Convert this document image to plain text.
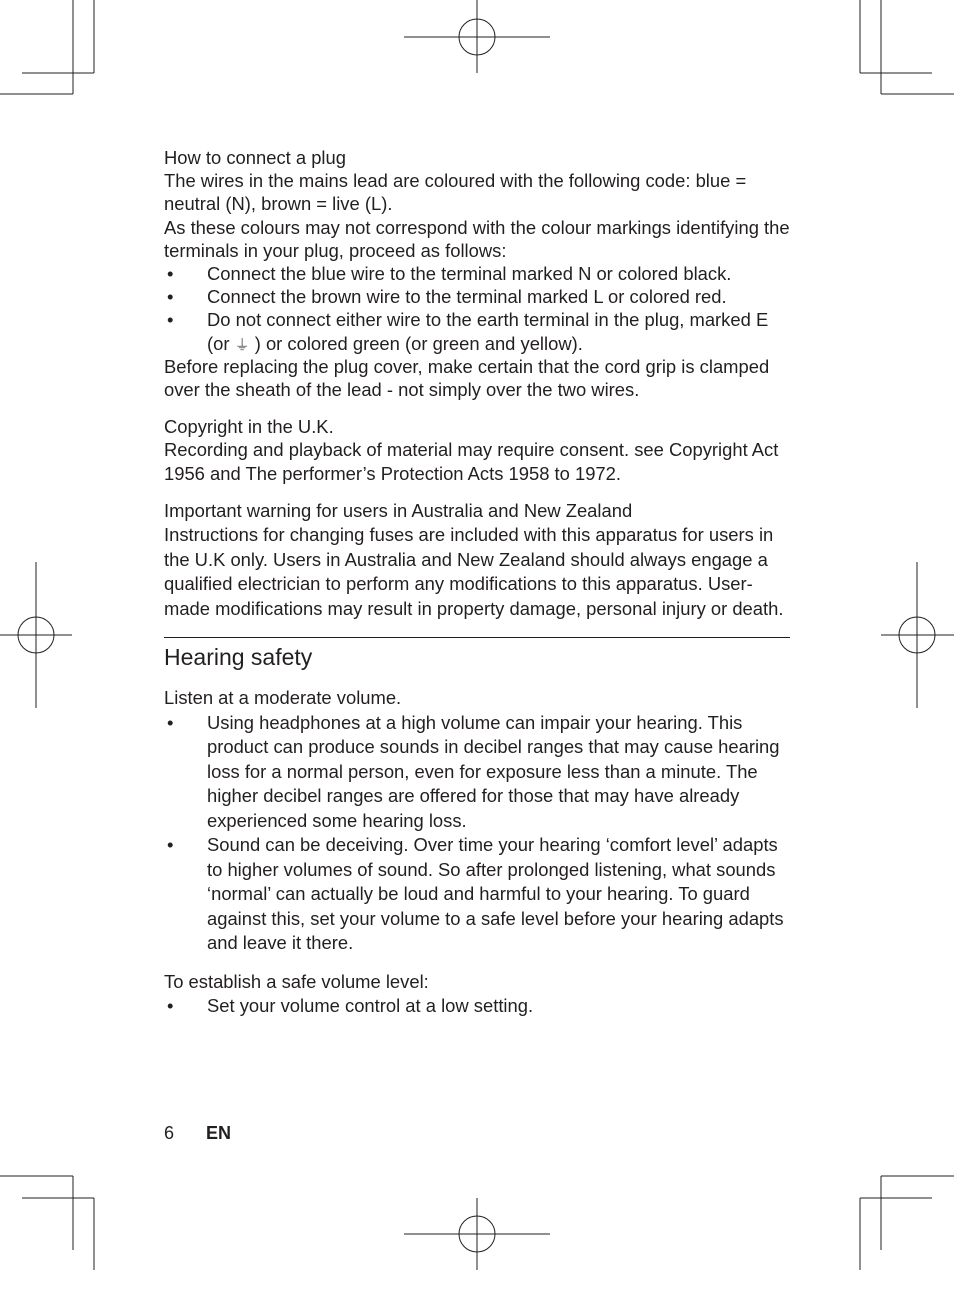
How to connect a plug

The wires in the mains lead are coloured with the following code: blue = neutral (N), brown = live (L).

As these colours may not correspond with the colour markings identifying the terminals in your plug, proceed as follows:

• Connect the blue wire to the terminal marked N or colored black.
• Connect the brown wire to the terminal marked L or colored red.
• Do not connect either wire to the earth terminal in the plug, marked E (or ⏚ ) or colored green (or green and yellow).

Before replacing the plug cover, make certain that the cord grip is clamped over the sheath of the lead - not simply over the two wires.

Copyright in the U.K.

Recording and playback of material may require consent. see Copyright Act 1956 and The performer’s Protection Acts 1958 to 1972.

Important warning for users in Australia and New Zealand

Instructions for changing fuses are included with this apparatus for users in the U.K only. Users in Australia and New Zealand should always engage a qualified electrician to perform any modifications to this apparatus. User-made modifications may result in property damage, personal injury or death.

Hearing safety

Listen at a moderate volume.

• Using headphones at a high volume can impair your hearing. This product can produce sounds in decibel ranges that may cause hearing loss for a normal person, even for exposure less than a minute. The higher decibel ranges are offered for those that may have already experienced some hearing loss.
• Sound can be deceiving. Over time your hearing ‘comfort level’ adapts to higher volumes of sound. So after prolonged listening, what sounds ‘normal’ can actually be loud and harmful to your hearing. To guard against this, set your volume to a safe level before your hearing adapts and leave it there.

To establish a safe volume level:

• Set your volume control at a low setting.
6 EN
